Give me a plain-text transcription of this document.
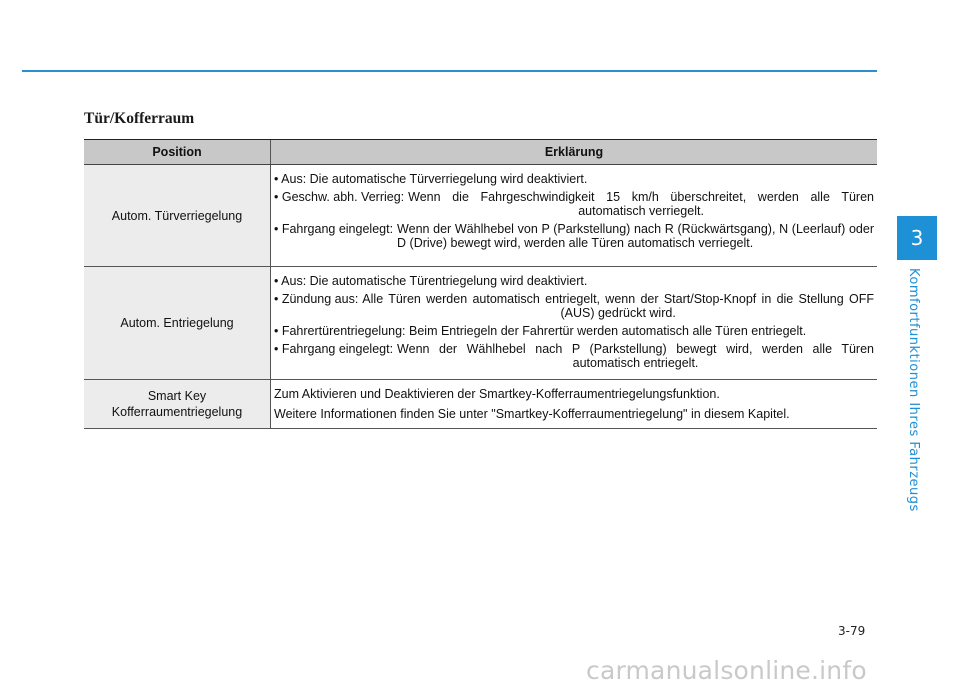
Tür/Kofferraum
Position	Erklärung
Autom. Türverriegelung
• Aus: Die automatische Türverriegelung wird deaktiviert.
• Geschw. abh. Verrieg: Wenn die Fahrgeschwindigkeit 15 km/h überschreitet, werden alle Türen automatisch verriegelt.
• Fahrgang eingelegt: Wenn der Wählhebel von P (Parkstellung) nach R (Rückwärtsgang), N (Leerlauf) oder D (Drive) bewegt wird, werden alle Türen automatisch verriegelt.
Autom. Entriegelung
• Aus: Die automatische Türentriegelung wird deaktiviert.
• Zündung aus: Alle Türen werden automatisch entriegelt, wenn der Start/Stop-Knopf in die Stellung OFF (AUS) gedrückt wird.
• Fahrertürentriegelung: Beim Entriegeln der Fahrertür werden automatisch alle Türen entriegelt.
• Fahrgang eingelegt: Wenn der Wählhebel nach P (Parkstellung) bewegt wird, werden alle Türen automatisch entriegelt.
Smart Key
Kofferraumentriegelung
Zum Aktivieren und Deaktivieren der Smartkey-Kofferraumentriegelungsfunktion.
Weitere Informationen finden Sie unter "Smartkey-Kofferraumentriegelung" in diesem Kapitel.
3
Komfortfunktionen Ihres Fahrzeugs
3-79
carmanualsonline.info
